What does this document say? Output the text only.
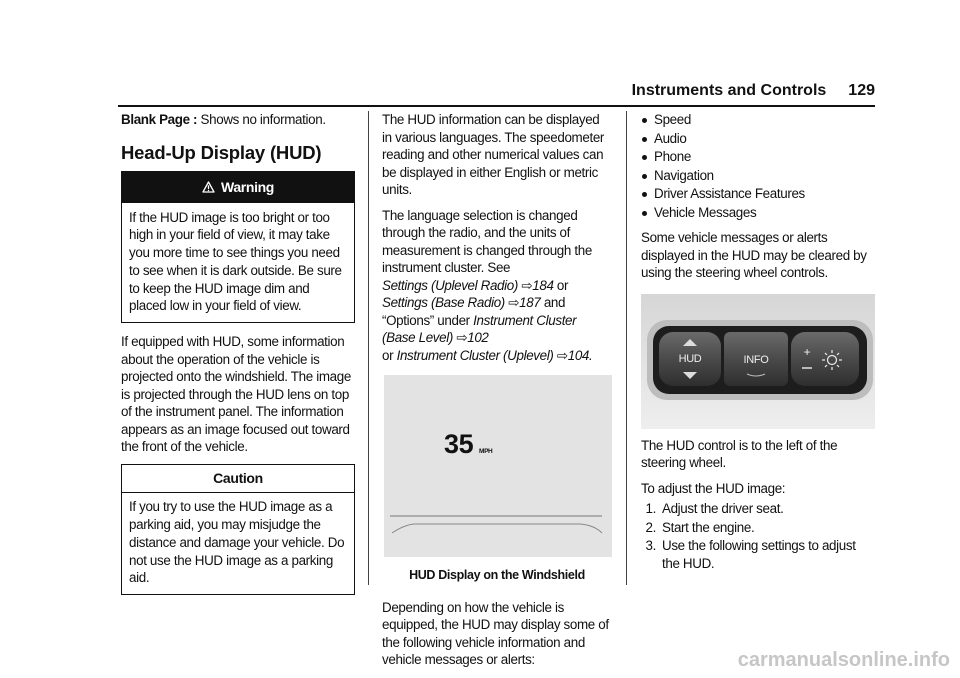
Instruments and Controls 129

Blank Page : Shows no information.

Head-Up Display (HUD)
Warning
If the HUD image is too bright or too high in your field of view, it may take you more time to see things you need to see when it is dark outside. Be sure to keep the HUD image dim and placed low in your field of view.

If equipped with HUD, some information about the operation of the vehicle is projected onto the windshield. The image is projected through the HUD lens on top of the instrument panel. The information appears as an image focused out toward the front of the vehicle.

Caution
If you try to use the HUD image as a parking aid, you may misjudge the distance and damage your vehicle. Do not use the HUD image as a parking aid.

The HUD information can be displayed in various languages. The speedometer reading and other numerical values can be displayed in either English or metric units.

The language selection is changed through the radio, and the units of measurement is changed through the instrument cluster. See
Settings (Uplevel Radio) ⇨184 or
Settings (Base Radio) ⇨187 and “Options” under Instrument Cluster (Base Level) ⇨102
or Instrument Cluster (Uplevel) ⇨104.

35 MPH
HUD Display on the Windshield

Depending on how the vehicle is equipped, the HUD may display some of the following vehicle information and vehicle messages or alerts:

Speed
Audio
Phone
Navigation
Driver Assistance Features
Vehicle Messages

Some vehicle messages or alerts displayed in the HUD may be cleared by using the steering wheel controls.

HUD	INFO
+

The HUD control is to the left of the steering wheel.

To adjust the HUD image:

1. Adjust the driver seat.
2. Start the engine.
3. Use the following settings to adjust the HUD.
carmanualsonline.info
